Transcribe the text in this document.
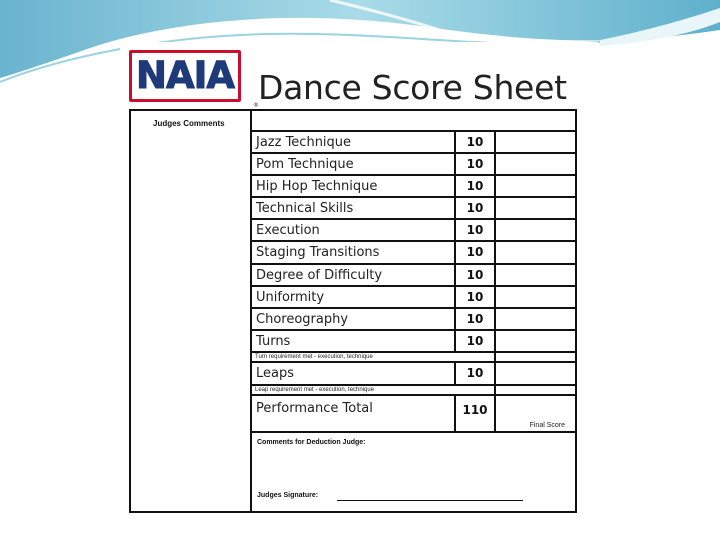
NAIA
® Dance Score Sheet
Judges Comments
Jazz Technique	10
Pom Technique	10
Hip Hop Technique	10
Technical Skills	10
Execution	10
Staging Transitions	10
Degree of Difficulty	10
Uniformity	10
Choreography	10
Turns	10
Turn requirement met - execution, technique
Leaps	10
Leap requirement met - execution, technique
Performance Total	110
Final Score
Comments for Deduction Judge:
Judges Signature:
